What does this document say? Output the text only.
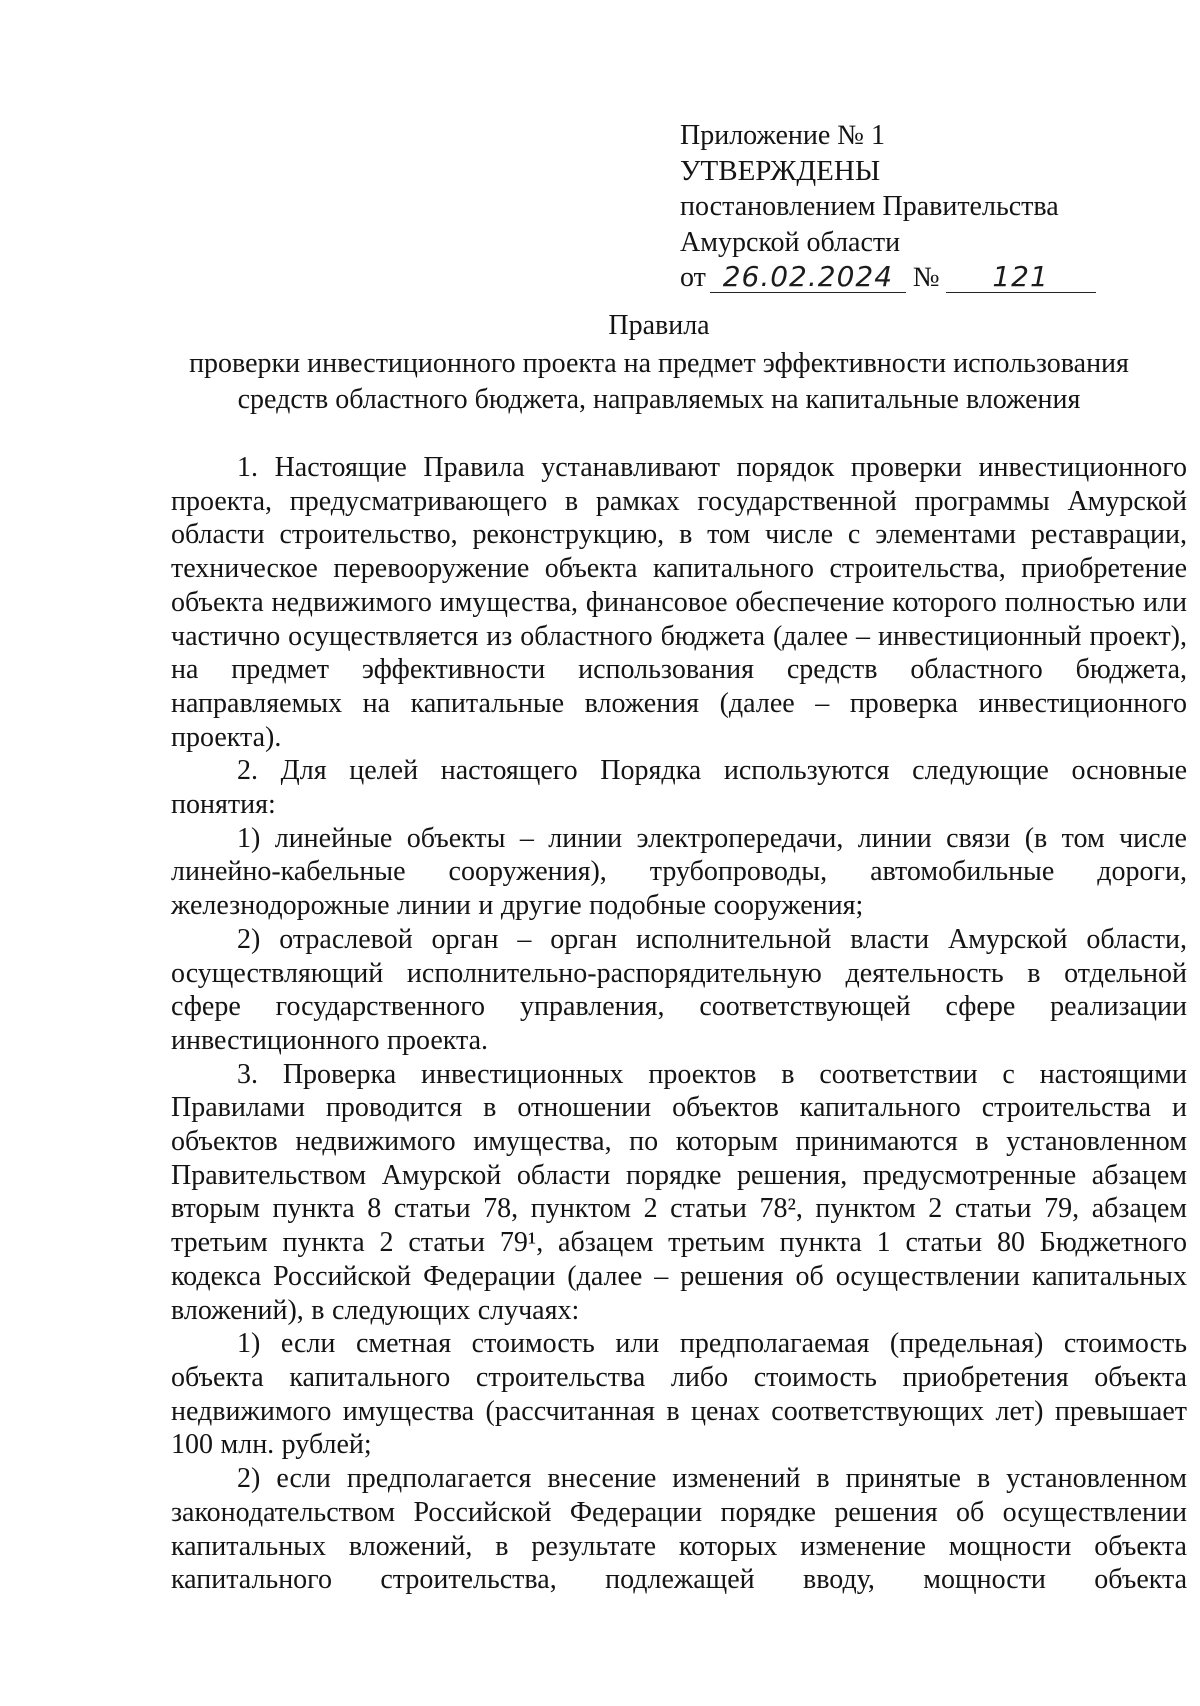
Приложение № 1
УТВЕРЖДЕНЫ
постановлением Правительства
Амурской области
от 26.02.2024 № 121
Правила
проверки инвестиционного проекта на предмет эффективности использования
средств областного бюджета, направляемых на капитальные вложения

1. Настоящие Правила устанавливают порядок проверки инвестиционного проекта, предусматривающего в рамках государственной программы Амурской области строительство, реконструкцию, в том числе с элементами реставрации, техническое перевооружение объекта капитального строительства, приобретение объекта недвижимого имущества, финансовое обеспечение которого полностью или частично осуществляется из областного бюджета (далее – инвестиционный проект), на предмет эффективности использования средств областного бюджета, направляемых на капитальные вложения (далее – проверка инвестиционного проекта).

2. Для целей настоящего Порядка используются следующие основные понятия:

1) линейные объекты – линии электропередачи, линии связи (в том числе линейно-кабельные сооружения), трубопроводы, автомобильные дороги, железнодорожные линии и другие подобные сооружения;

2) отраслевой орган – орган исполнительной власти Амурской области, осуществляющий исполнительно-распорядительную деятельность в отдельной сфере государственного управления, соответствующей сфере реализации инвестиционного проекта.

3. Проверка инвестиционных проектов в соответствии с настоящими Правилами проводится в отношении объектов капитального строительства и объектов недвижимого имущества, по которым принимаются в установленном Правительством Амурской области порядке решения, предусмотренные абзацем вторым пункта 8 статьи 78, пунктом 2 статьи 78², пунктом 2 статьи 79, абзацем третьим пункта 2 статьи 79¹, абзацем третьим пункта 1 статьи 80 Бюджетного кодекса Российской Федерации (далее – решения об осуществлении капитальных вложений), в следующих случаях:

1) если сметная стоимость или предполагаемая (предельная) стоимость объекта капитального строительства либо стоимость приобретения объекта недвижимого имущества (рассчитанная в ценах соответствующих лет) превышает 100 млн. рублей;

2) если предполагается внесение изменений в принятые в установленном законодательством Российской Федерации порядке решения об осуществлении капитальных вложений, в результате которых изменение мощности объекта капитального строительства, подлежащей вводу, мощности объекта
